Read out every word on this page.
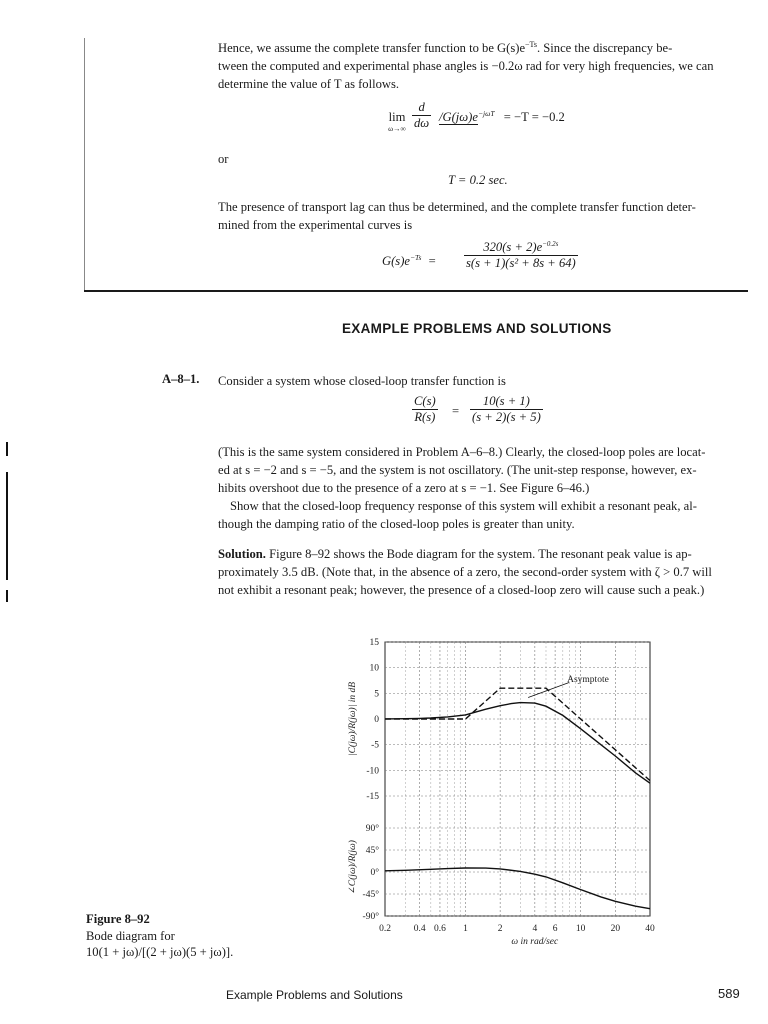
Hence, we assume the complete transfer function to be $G(s)e^{-Ts}$. Since the discrepancy be-
tween the computed and experimental phase angles is −0.2ω rad for very high frequencies, we can
determine the value of T as follows.
lim
$\omega\to\infty \frac{d}{d\omega} /G(j\omega)e^{-j\omega T} = -T = -0.2$
or
T = 0.2 sec.
The presence of transport lag can thus be determined, and the complete transfer function deter-
mined from the experimental curves is
$G(s)e^{-Ts} = \frac{320(s + 2)e^{-0.2s}}{\text{s(s + 1)(s² + 8s + 64)}}$
EXAMPLE PROBLEMS AND SOLUTIONS
A–8–1. Consider a system whose closed-loop transfer function is
$\frac{C(s)}{R(s)} = \frac{10(s + 1)}{(s + 2)(s + 5)}$
(This is the same system considered in Problem A–6–8.) Clearly, the closed-loop poles are locat-
ed at s = −2 and s = −5, and the system is not oscillatory. (The unit-step response, however, ex-
hibits overshoot due to the presence of a zero at s = −1. See Figure 6–46.)
Show that the closed-loop frequency response of this system will exhibit a resonant peak, al-
though the damping ratio of the closed-loop poles is greater than unity.
Solution. Figure 8–92 shows the Bode diagram for the system. The resonant peak value is ap-
proximately 3.5 dB. (Note that, in the absence of a zero, the second-order system with ζ > 0.7 will
not exhibit a resonant peak; however, the presence of a closed-loop zero will cause such a peak.)
15
10
5
0
-5
-10
-15
90°
45°
0°
-45°
-90°
0.2 0.4 0.6 1	2	4 6 10	20	40
ω in rad/sec
|C(jω)/R(jω)| in dB
∠C(jω)/R(jω)
Asymptote
Figure 8–92
Bode diagram for
10(1 + jω)/[(2 + jω)(5 + jω)].
Example Problems and Solutions	589
